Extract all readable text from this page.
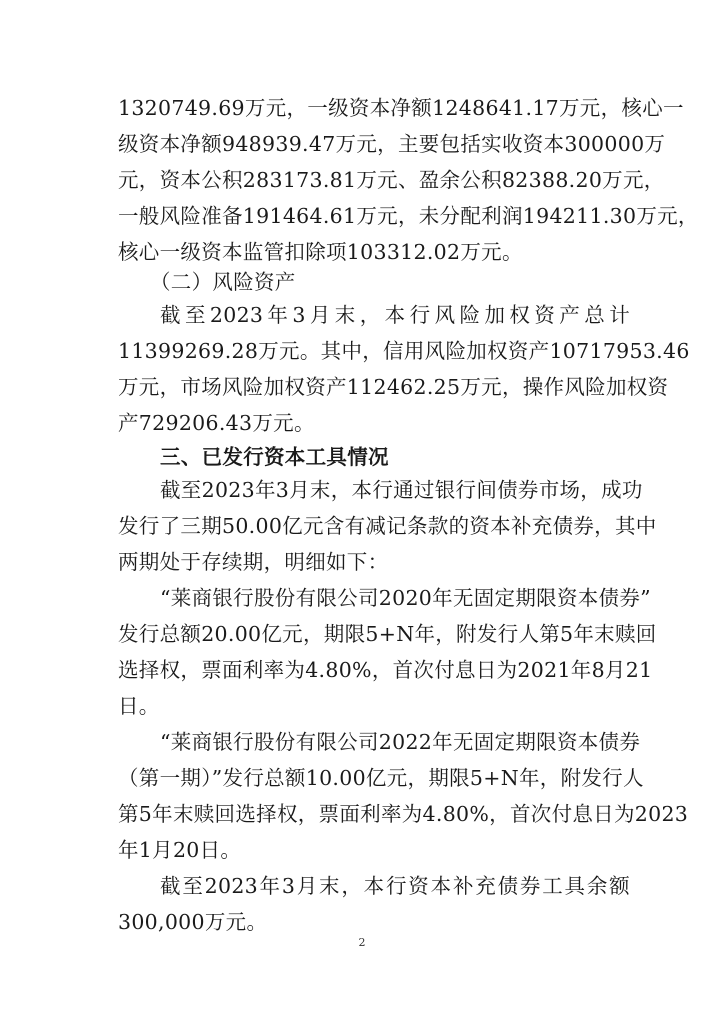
1320749.69万元，一级资本净额1248641.17万元，核心一
级资本净额948939.47万元，主要包括实收资本300000万
元，资本公积283173.81万元、盈余公积82388.20万元，
一般风险准备191464.61万元，未分配利润194211.30万元，
核心一级资本监管扣除项103312.02万元。
（二）风险资产
截至2023年3月末，本行风险加权资产总计
11399269.28万元。其中，信用风险加权资产10717953.46
万元，市场风险加权资产112462.25万元，操作风险加权资
产729206.43万元。
三、已发行资本工具情况
截至2023年3月末，本行通过银行间债券市场，成功
发行了三期50.00亿元含有减记条款的资本补充债券，其中
两期处于存续期，明细如下：
“莱商银行股份有限公司2020年无固定期限资本债券”
发行总额20.00亿元，期限5+N年，附发行人第5年末赎回
选择权，票面利率为4.80%，首次付息日为2021年8月21
日。
“莱商银行股份有限公司2022年无固定期限资本债券
（第一期）”发行总额10.00亿元，期限5+N年，附发行人
第5年末赎回选择权，票面利率为4.80%，首次付息日为2023
年1月20日。
截至2023年3月末，本行资本补充债券工具余额
300,000万元。
2
